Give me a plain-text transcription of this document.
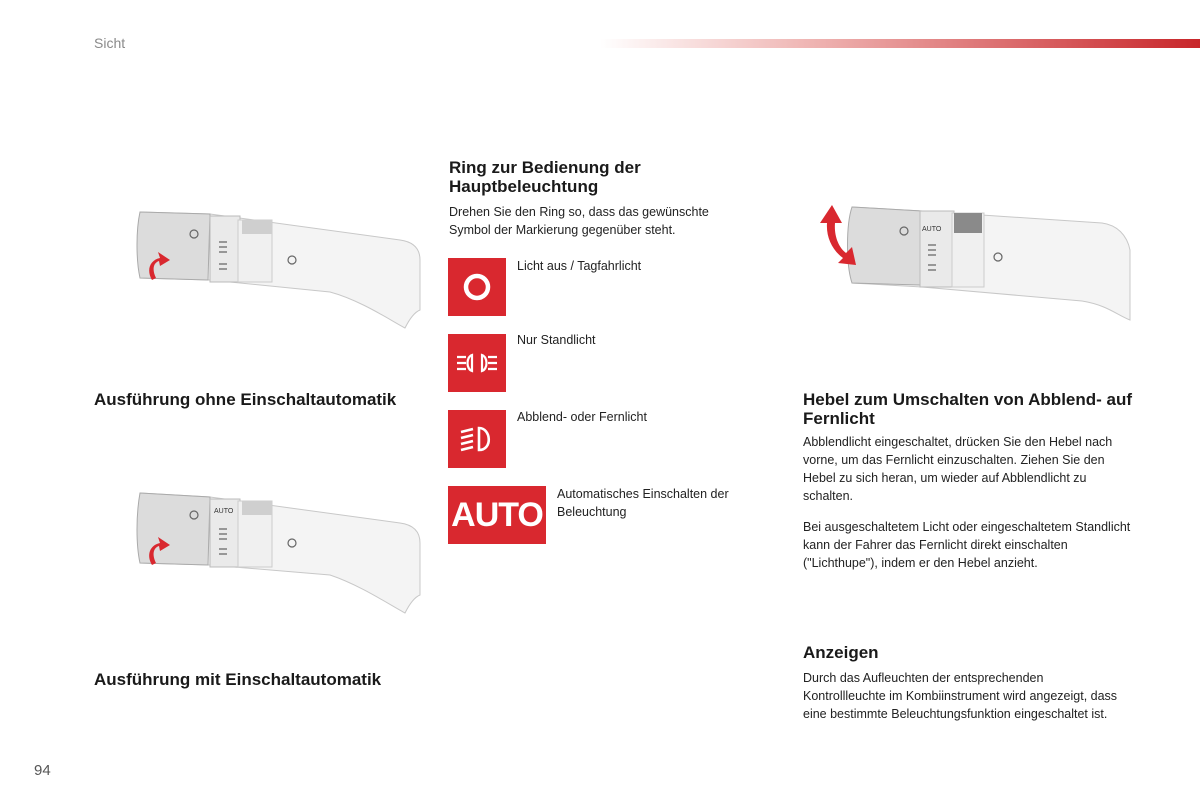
Sicht
AUTO
AUTO
Ring zur Bedienung der Hauptbeleuchtung
Drehen Sie den Ring so, dass das gewünschte Symbol der Markierung gegenüber steht.
Licht aus / Tagfahrlicht
Nur Standlicht
Abblend- oder Fernlicht
AUTO
Automatisches Einschalten der Beleuchtung
Ausführung ohne Einschaltautomatik
Ausführung mit Einschaltautomatik
Hebel zum Umschalten von Abblend- auf Fernlicht
Abblendlicht eingeschaltet, drücken Sie den Hebel nach vorne, um das Fernlicht einzuschalten. Ziehen Sie den Hebel zu sich heran, um wieder auf Abblendlicht zu schalten.
Bei ausgeschaltetem Licht oder eingeschaltetem Standlicht kann der Fahrer das Fernlicht direkt einschalten ("Lichthupe"), indem er den Hebel anzieht.
Anzeigen
Durch das Aufleuchten der entsprechenden Kontrollleuchte im Kombiinstrument wird angezeigt, dass eine bestimmte Beleuchtungsfunktion eingeschaltet ist.
94
